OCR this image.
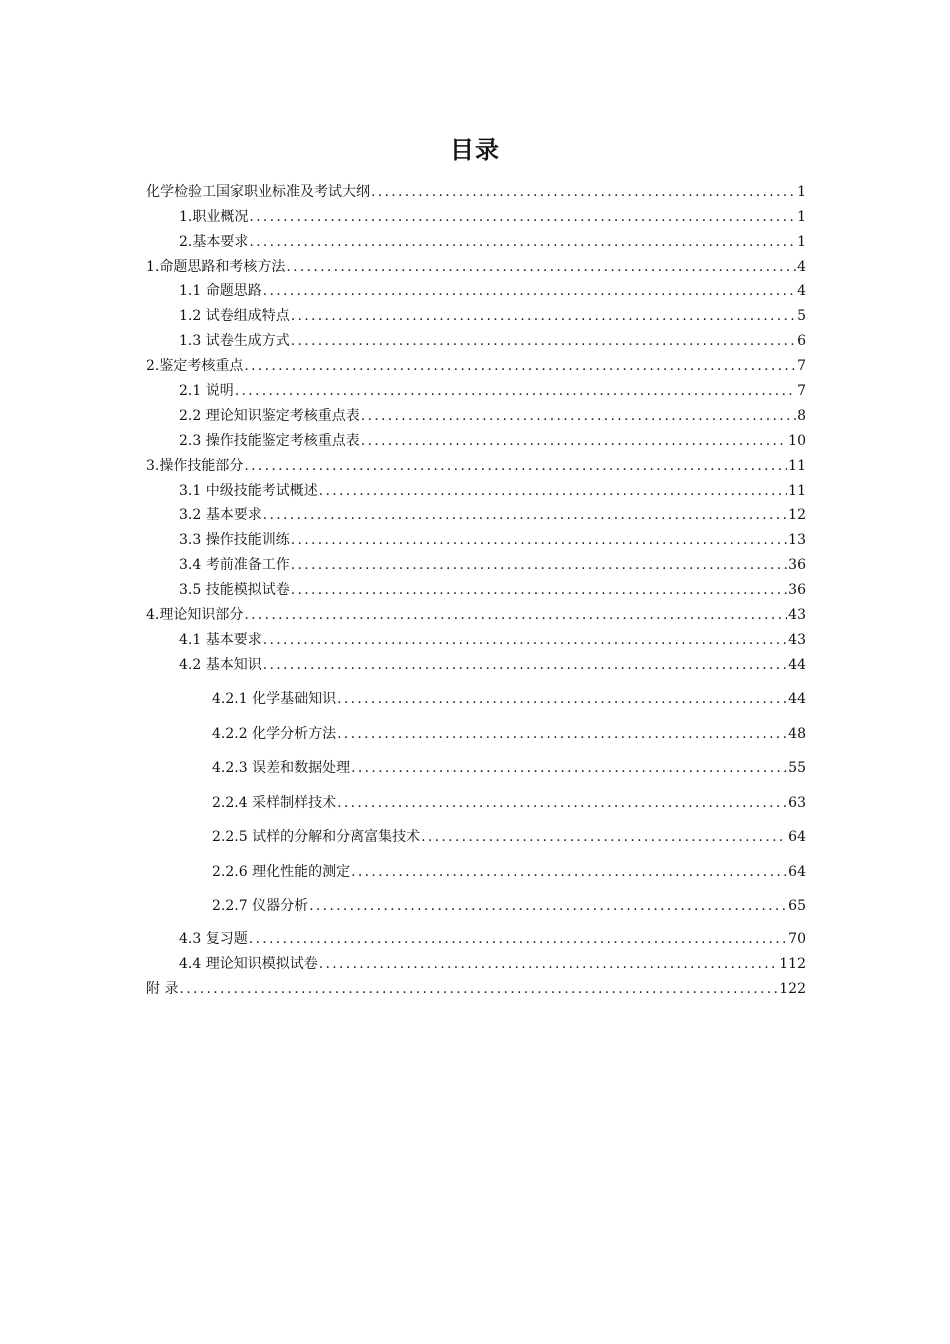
目录
化学检验工国家职业标准及考试大纲 .....	1
1.职业概况 .....	1
2.基本要求 .....	1
1.命题思路和考核方法 .....	4
1.1 命题思路 .....	4
1.2 试卷组成特点 .....	5
1.3 试卷生成方式 .....	6
2.鉴定考核重点 .....	7
2.1 说明 .....	7
2.2 理论知识鉴定考核重点表 .....	8
2.3 操作技能鉴定考核重点表 .....	10
3.操作技能部分 .....	11
3.1 中级技能考试概述 .....	11
3.2 基本要求 .....	12
3.3 操作技能训练 .....	13
3.4 考前准备工作 .....	36
3.5 技能模拟试卷 .....	36
4.理论知识部分 .....	43
4.1 基本要求 .....	43
4.2 基本知识 .....	44
4.2.1 化学基础知识 .....	44
4.2.2 化学分析方法 .....	48
4.2.3 误差和数据处理 .....	55
2.2.4 采样制样技术 .....	63
2.2.5 试样的分解和分离富集技术 .....	64
2.2.6 理化性能的测定 .....	64
2.2.7 仪器分析 .....	65
4.3 复习题 .....	70
4.4 理论知识模拟试卷 .....	112
附 录 .....	122
